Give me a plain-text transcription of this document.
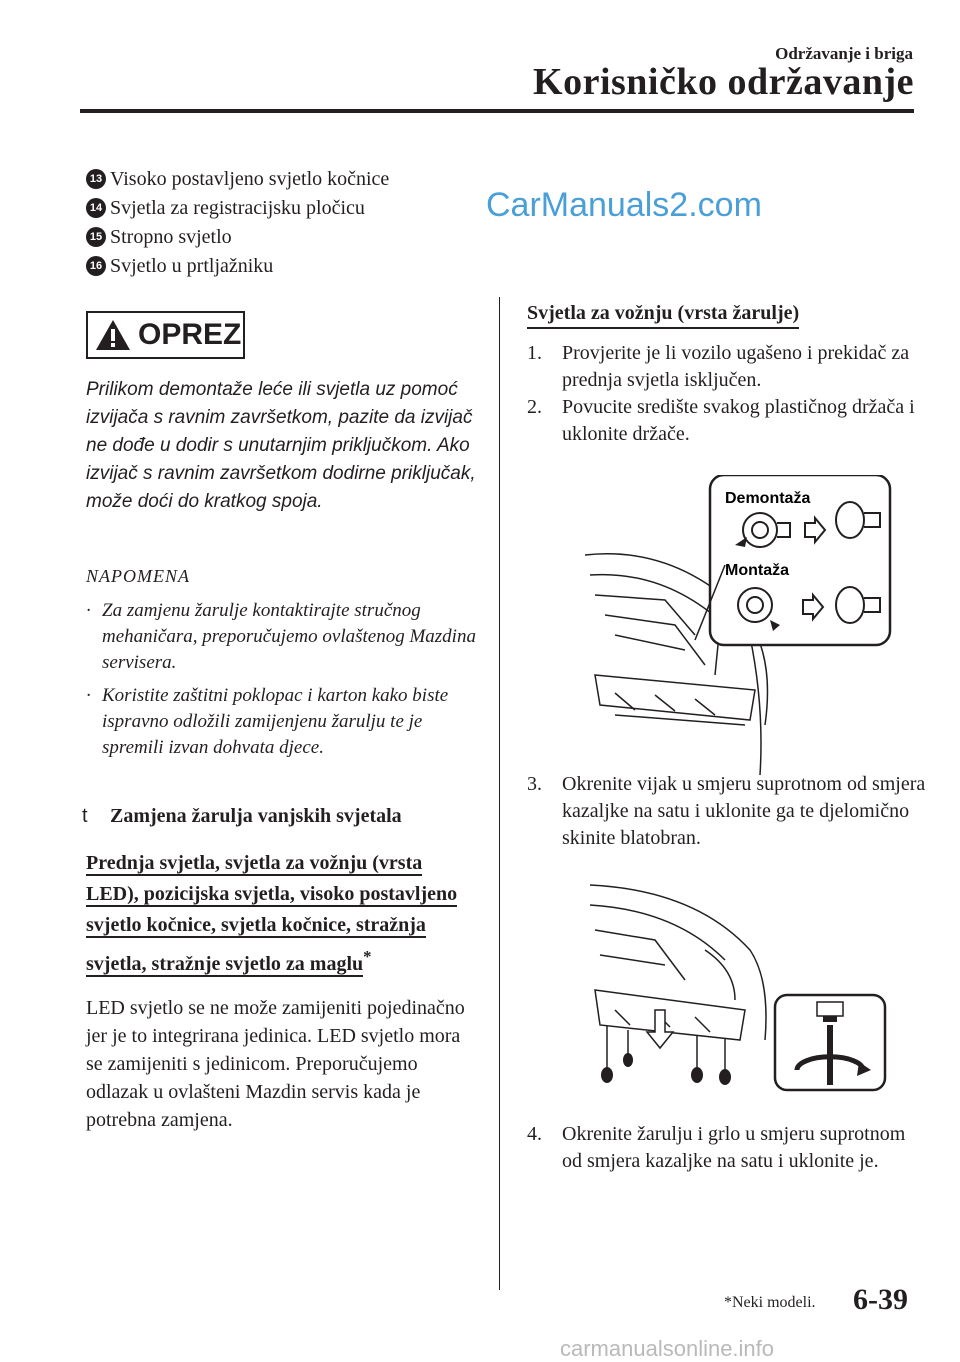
Održavanje i briga
Korisničko održavanje
13 Visoko postavljeno svjetlo kočnice
14 Svjetla za registracijsku pločicu
15 Stropno svjetlo
16 Svjetlo u prtljažniku
CarManuals2.com
OPREZ
Prilikom demontaže leće ili svjetla uz pomoć izvijača s ravnim završetkom, pazite da izvijač ne dođe u dodir s unutarnjim priključkom. Ako izvijač s ravnim završetkom dodirne priključak, može doći do kratkog spoja.
NAPOMENA
· Za zamjenu žarulje kontaktirajte stručnog mehaničara, preporučujemo ovlaštenog Mazdina servisera.
· Koristite zaštitni poklopac i karton kako biste ispravno odložili zamijenjenu žarulju te je spremili izvan dohvata djece.
t	Zamjena žarulja vanjskih svjetala
Prednja svjetla, svjetla za vožnju (vrsta LED), pozicijska svjetla, visoko postavljeno svjetlo kočnice, svjetla kočnice, stražnja svjetla, stražnje svjetlo za maglu*
LED svjetlo se ne može zamijeniti pojedinačno jer je to integrirana jedinica. LED svjetlo mora se zamijeniti s jedinicom. Preporučujemo odlazak u ovlašteni Mazdin servis kada je potrebna zamjena.
Svjetla za vožnju (vrsta žarulje)
1.	Provjerite je li vozilo ugašeno i prekidač za prednja svjetla isključen.
2.	Povucite središte svakog plastičnog držača i uklonite držače.
Demontaža
Montaža
3.	Okrenite vijak u smjeru suprotnom od smjera kazaljke na satu i uklonite ga te djelomično skinite blatobran.
4.	Okrenite žarulju i grlo u smjeru suprotnom od smjera kazaljke na satu i uklonite je.
*Neki modeli. 6-39
carmanualsonline.info
